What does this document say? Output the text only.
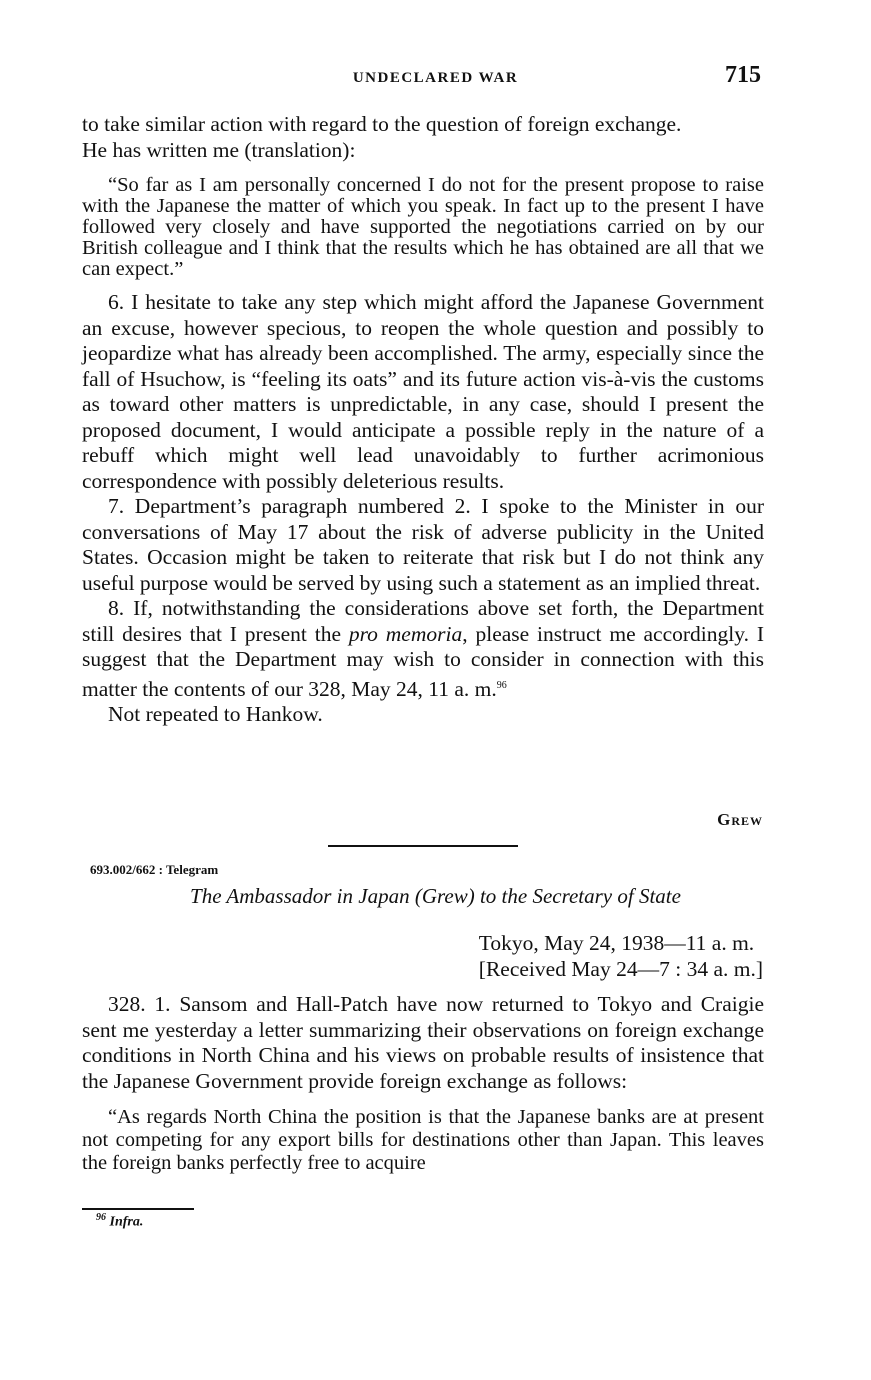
UNDECLARED WAR	715

to take similar action with regard to the question of foreign exchange.

He has written me (translation):

“So far as I am personally concerned I do not for the present propose to raise with the Japanese the matter of which you speak. In fact up to the present I have followed very closely and have supported the negotiations carried on by our British colleague and I think that the results which he has obtained are all that we can expect.”

6. I hesitate to take any step which might afford the Japanese Government an excuse, however specious, to reopen the whole question and possibly to jeopardize what has already been accomplished. The army, especially since the fall of Hsuchow, is “feeling its oats” and its future action vis-à-vis the customs as toward other matters is unpredictable, in any case, should I present the proposed document, I would anticipate a possible reply in the nature of a rebuff which might well lead unavoidably to further acrimonious correspondence with possibly deleterious results.

7. Department’s paragraph numbered 2. I spoke to the Minister in our conversations of May 17 about the risk of adverse publicity in the United States. Occasion might be taken to reiterate that risk but I do not think any useful purpose would be served by using such a statement as an implied threat.

8. If, notwithstanding the considerations above set forth, the Department still desires that I present the pro memoria, please instruct me accordingly. I suggest that the Department may wish to consider in connection with this matter the contents of our 328, May 24, 11 a. m.$^{96}$

Not repeated to Hankow.

Grew
693.002/662 : Telegram
The Ambassador in Japan (Grew) to the Secretary of State
Tokyo, May 24, 1938—11 a. m.
[Received May 24—7 : 34 a. m.]

328. 1. Sansom and Hall-Patch have now returned to Tokyo and Craigie sent me yesterday a letter summarizing their observations on foreign exchange conditions in North China and his views on probable results of insistence that the Japanese Government provide foreign exchange as follows:

“As regards North China the position is that the Japanese banks are at present not competing for any export bills for destinations other than Japan. This leaves the foreign banks perfectly free to acquire

$^{96}$ Infra.
